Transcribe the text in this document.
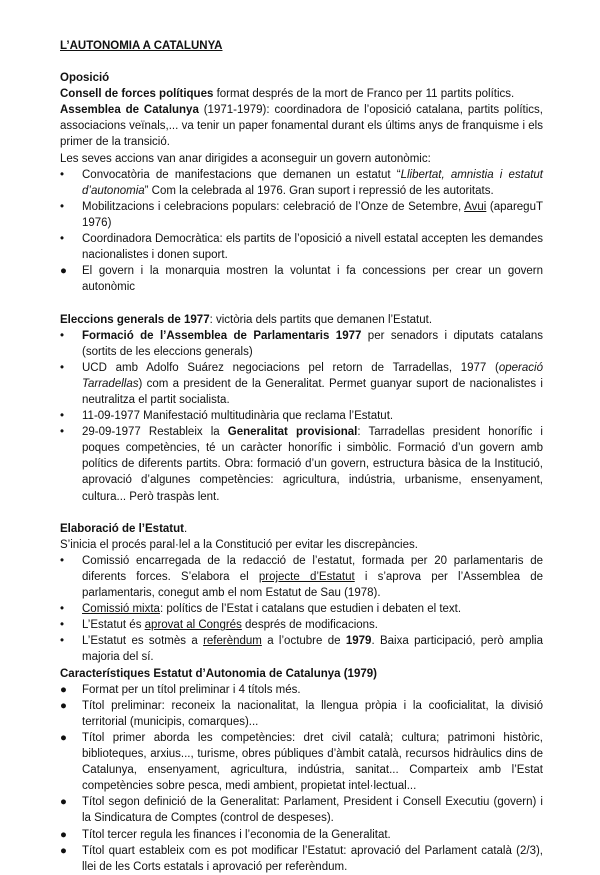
L’AUTONOMIA A CATALUNYA
Oposició

Consell de forces polítiques format després de la mort de Franco per 11 partits polítics.

Assemblea de Catalunya (1971-1979): coordinadora de l’oposició catalana, partits polítics, associacions veïnals,... va tenir un paper fonamental durant els últims anys de franquisme i els primer de la transició.

Les seves accions van anar dirigides a aconseguir un govern autonòmic:

• Convocatòria de manifestacions que demanen un estatut “Llibertat, amnistia i estatut d’autonomia” Com la celebrada al 1976. Gran suport i repressió de les autoritats.
• Mobilitzacions i celebracions populars: celebració de l’Onze de Setembre, Avui (apareguT 1976)
• Coordinadora Democràtica: els partits de l’oposició a nivell estatal accepten les demandes nacionalistes i donen suport.
● El govern i la monarquia mostren la voluntat i fa concessions per crear un govern autonòmic

Eleccions generals de 1977: victòria dels partits que demanen l’Estatut.

• Formació de l’Assemblea de Parlamentaris 1977 per senadors i diputats catalans (sortits de les eleccions generals)
• UCD amb Adolfo Suárez negociacions pel retorn de Tarradellas, 1977 (operació Tarradellas) com a president de la Generalitat. Permet guanyar suport de nacionalistes i neutralitza el partit socialista.
• 11-09-1977 Manifestació multitudinària que reclama l’Estatut.
• 29-09-1977 Restableix la Generalitat provisional: Tarradellas president honorífic i poques competències, té un caràcter honorífic i simbòlic. Formació d’un govern amb polítics de diferents partits. Obra: formació d’un govern, estructura bàsica de la Institució, aprovació d’algunes competències: agricultura, indústria, urbanisme, ensenyament, cultura... Però traspàs lent.

Elaboració de l’Estatut.

S’inicia el procés paral·lel a la Constitució per evitar les discrepàncies.

• Comissió encarregada de la redacció de l’estatut, formada per 20 parlamentaris de diferents forces. S’elabora el projecte d’Estatut i s’aprova per l’Assemblea de parlamentaris, conegut amb el nom Estatut de Sau (1978).
• Comissió mixta: polítics de l’Estat i catalans que estudien i debaten el text.
• L’Estatut és aprovat al Congrés després de modificacions.
• L’Estatut es sotmès a referèndum a l’octubre de 1979. Baixa participació, però amplia majoria del sí.
Característiques Estatut d’Autonomia de Catalunya (1979)
● Format per un títol preliminar i 4 títols més.
● Títol preliminar: reconeix la nacionalitat, la llengua pròpia i la cooficialitat, la divisió territorial (municipis, comarques)...
● Títol primer aborda les competències: dret civil català; cultura; patrimoni històric, biblioteques, arxius..., turisme, obres públiques d’àmbit català, recursos hidràulics dins de Catalunya, ensenyament, agricultura, indústria, sanitat... Comparteix amb l’Estat competències sobre pesca, medi ambient, propietat intel·lectual...
● Títol segon definició de la Generalitat: Parlament, President i Consell Executiu (govern) i la Sindicatura de Comptes (control de despeses).
● Títol tercer regula les finances i l’economia de la Generalitat.
● Títol quart estableix com es pot modificar l’Estatut: aprovació del Parlament català (2/3), llei de les Corts estatals i aprovació per referèndum.
